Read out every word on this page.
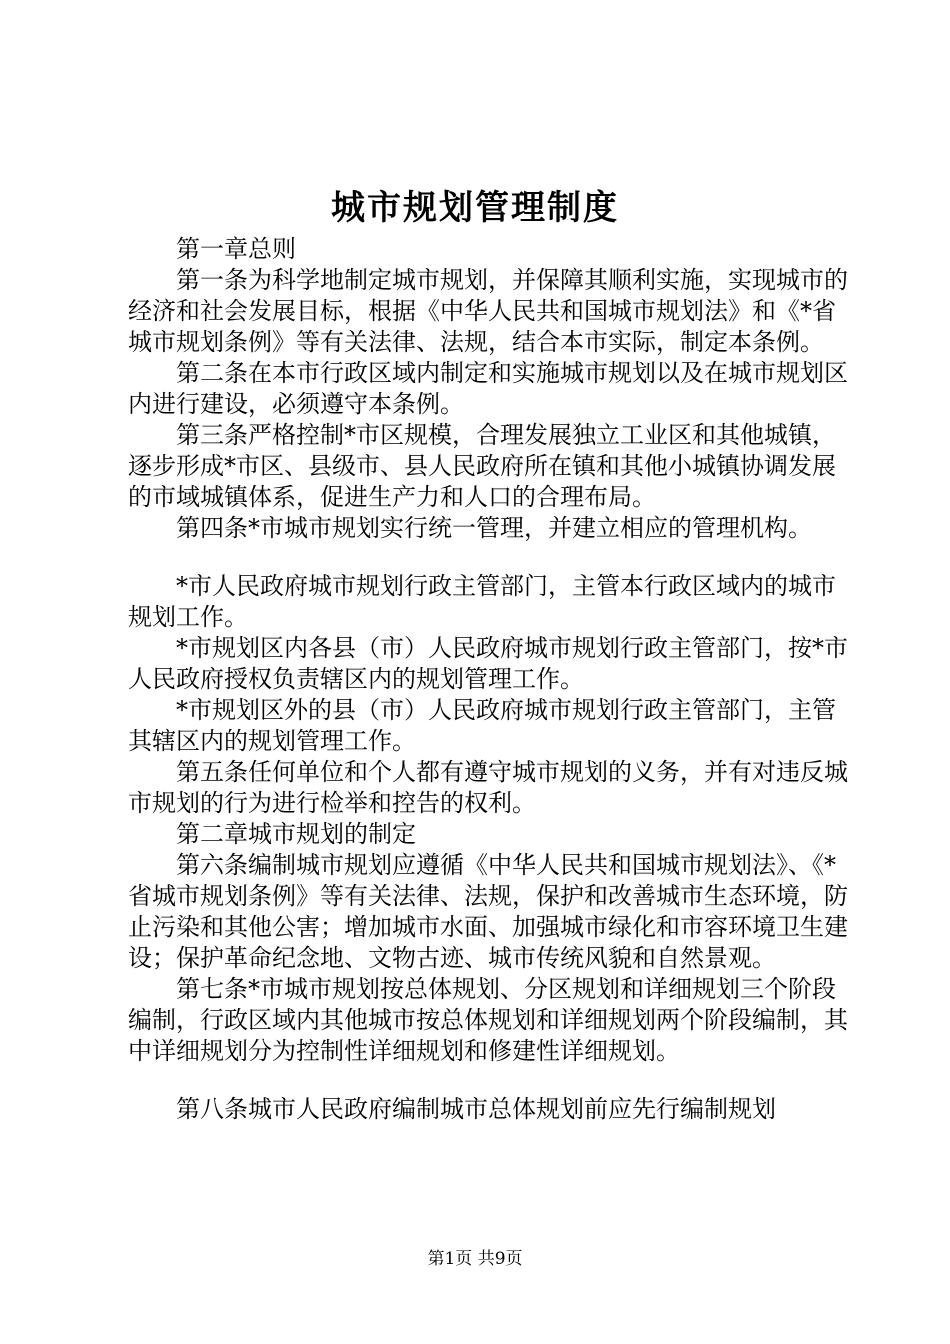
城市规划管理制度

第一章总则

第一条为科学地制定城市规划，并保障其顺利实施，实现城市的经济和社会发展目标，根据《中华人民共和国城市规划法》和《*省城市规划条例》等有关法律、法规，结合本市实际，制定本条例。

第二条在本市行政区域内制定和实施城市规划以及在城市规划区内进行建设，必须遵守本条例。

第三条严格控制*市区规模，合理发展独立工业区和其他城镇，逐步形成*市区、县级市、县人民政府所在镇和其他小城镇协调发展的市域城镇体系，促进生产力和人口的合理布局。

第四条*市城市规划实行统一管理，并建立相应的管理机构。

*市人民政府城市规划行政主管部门，主管本行政区域内的城市规划工作。

*市规划区内各县（市）人民政府城市规划行政主管部门，按*市人民政府授权负责辖区内的规划管理工作。

*市规划区外的县（市）人民政府城市规划行政主管部门，主管其辖区内的规划管理工作。

第五条任何单位和个人都有遵守城市规划的义务，并有对违反城市规划的行为进行检举和控告的权利。

第二章城市规划的制定

第六条编制城市规划应遵循《中华人民共和国城市规划法》、《*省城市规划条例》等有关法律、法规，保护和改善城市生态环境，防止污染和其他公害；增加城市水面、加强城市绿化和市容环境卫生建设；保护革命纪念地、文物古迹、城市传统风貌和自然景观。

第七条*市城市规划按总体规划、分区规划和详细规划三个阶段编制，行政区域内其他城市按总体规划和详细规划两个阶段编制，其中详细规划分为控制性详细规划和修建性详细规划。

第八条城市人民政府编制城市总体规划前应先行编制规划

第1页 共9页
